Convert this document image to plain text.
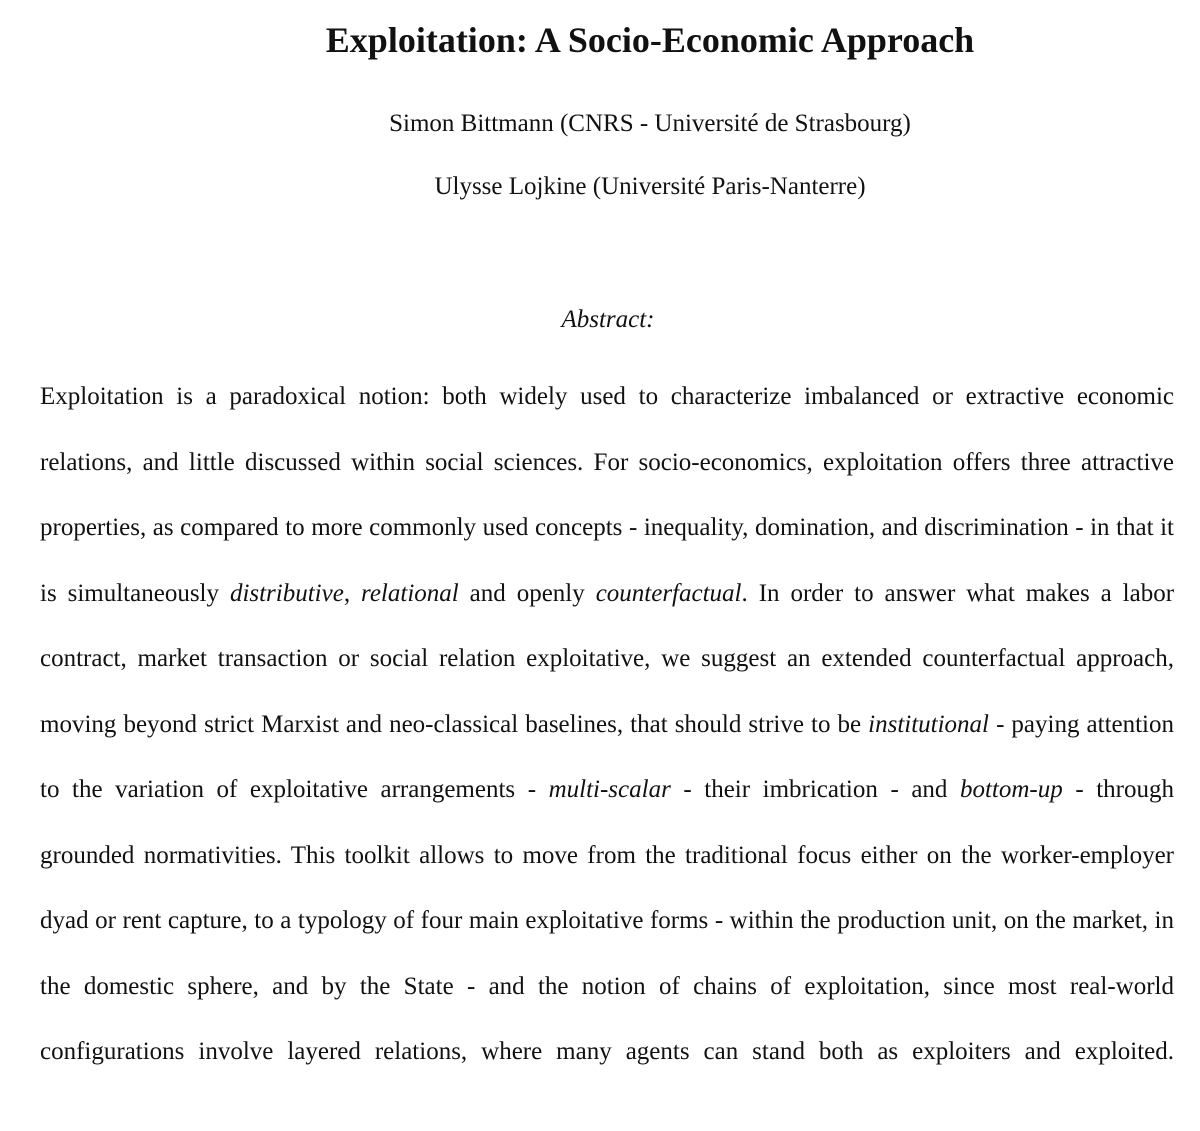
Exploitation: A Socio-Economic Approach

Simon Bittmann (CNRS - Université de Strasbourg)

Ulysse Lojkine (Université Paris-Nanterre)

Abstract:

Exploitation is a paradoxical notion: both widely used to characterize imbalanced or extractive economic relations, and little discussed within social sciences. For socio-economics, exploitation offers three attractive properties, as compared to more commonly used concepts - inequality, domination, and discrimination - in that it is simultaneously distributive, relational and openly counterfactual. In order to answer what makes a labor contract, market transaction or social relation exploitative, we suggest an extended counterfactual approach, moving beyond strict Marxist and neo-classical baselines, that should strive to be institutional - paying attention to the variation of exploitative arrangements - multi-scalar - their imbrication - and bottom-up - through grounded normativities. This toolkit allows to move from the traditional focus either on the worker-employer dyad or rent capture, to a typology of four main exploitative forms - within the production unit, on the market, in the domestic sphere, and by the State - and the notion of chains of exploitation, since most real-world configurations involve layered relations, where many agents can stand both as exploiters and exploited.
